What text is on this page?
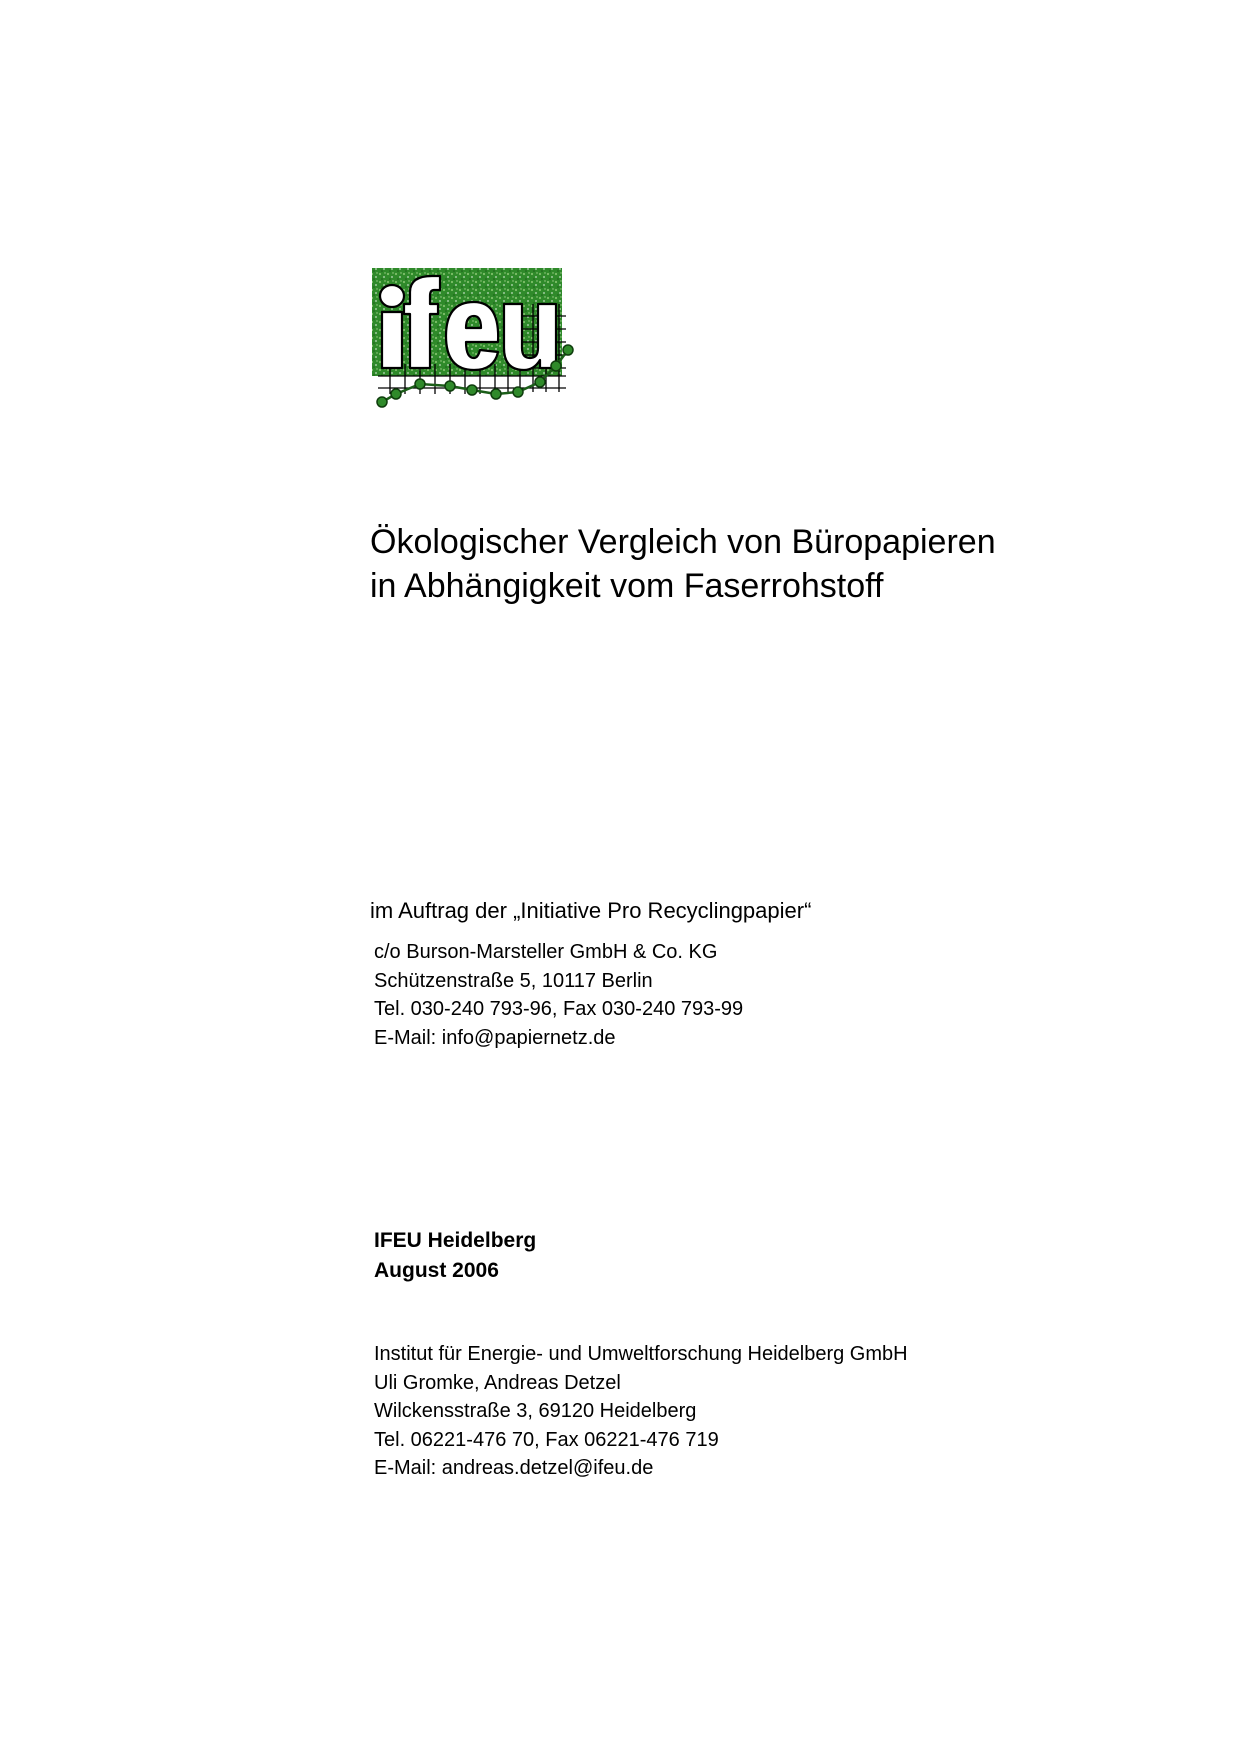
Ökologischer Vergleich von Büropapieren
in Abhängigkeit vom Faserrohstoff
im Auftrag der „Initiative Pro Recyclingpapier“
c/o Burson-Marsteller GmbH & Co. KG
Schützenstraße 5, 10117 Berlin
Tel. 030-240 793-96, Fax 030-240 793-99
E-Mail: info@papiernetz.de
IFEU Heidelberg
August 2006
Institut für Energie- und Umweltforschung Heidelberg GmbH
Uli Gromke, Andreas Detzel
Wilckensstraße 3, 69120 Heidelberg
Tel. 06221-476 70, Fax 06221-476 719
E-Mail: andreas.detzel@ifeu.de
